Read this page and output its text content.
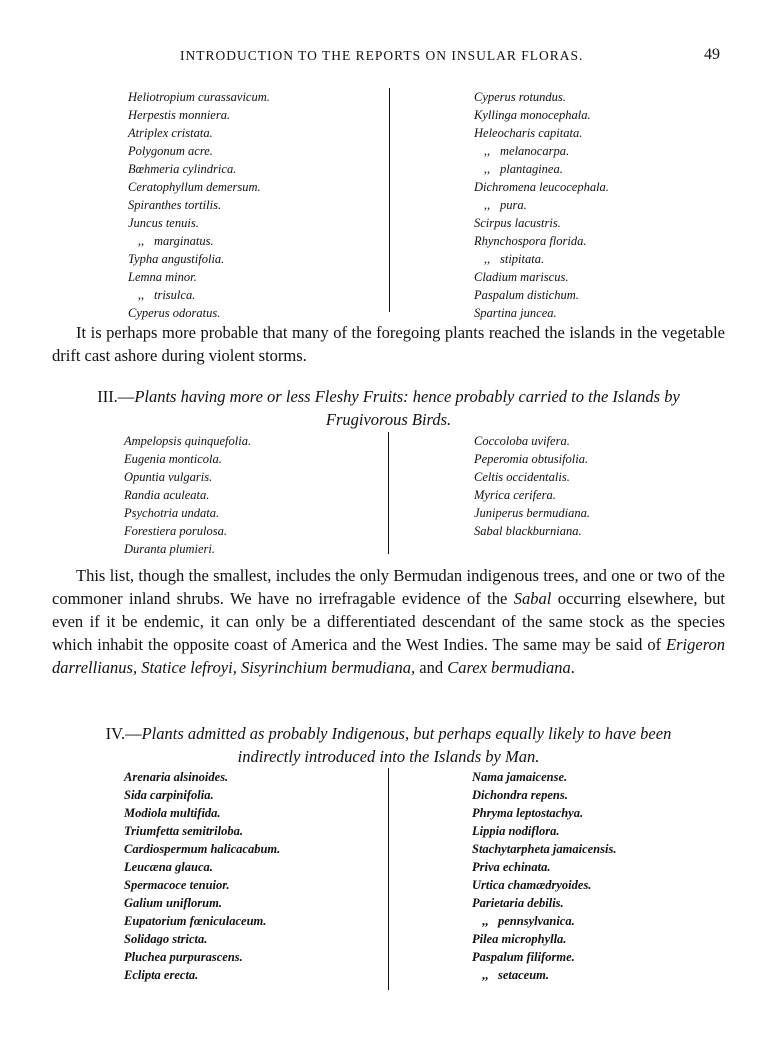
INTRODUCTION TO THE REPORTS ON INSULAR FLORAS.	49
Heliotropium curassavicum.
Herpestis monniera.
Atriplex cristata.
Polygonum acre.
Bœhmeria cylindrica.
Ceratophyllum demersum.
Spiranthes tortilis.
Juncus tenuis.
,, marginatus.
Typha angustifolia.
Lemna minor.
,, trisulca.
Cyperus odoratus.
Cyperus rotundus.
Kyllinga monocephala.
Heleocharis capitata.
,, melanocarpa.
,, plantaginea.
Dichromena leucocephala.
,, pura.
Scirpus lacustris.
Rhynchospora florida.
,, stipitata.
Cladium mariscus.
Paspalum distichum.
Spartina juncea.

It is perhaps more probable that many of the foregoing plants reached the islands in the vegetable drift cast ashore during violent storms.

III.—Plants having more or less Fleshy Fruits: hence probably carried to the Islands by
Frugivorous Birds.
Ampelopsis quinquefolia.
Eugenia monticola.
Opuntia vulgaris.
Randia aculeata.
Psychotria undata.
Forestiera porulosa.
Duranta plumieri.
Coccoloba uvifera.
Peperomia obtusifolia.
Celtis occidentalis.
Myrica cerifera.
Juniperus bermudiana.
Sabal blackburniana.

This list, though the smallest, includes the only Bermudan indigenous trees, and one or two of the commoner inland shrubs. We have no irrefragable evidence of the Sabal occurring elsewhere, but even if it be endemic, it can only be a differentiated descendant of the same stock as the species which inhabit the opposite coast of America and the West Indies. The same may be said of Erigeron darrellianus, Statice lefroyi, Sisyrinchium bermudiana, and Carex bermudiana.

IV.—Plants admitted as probably Indigenous, but perhaps equally likely to have been
indirectly introduced into the Islands by Man.
Arenaria alsinoides.
Sida carpinifolia.
Modiola multifida.
Triumfetta semitriloba.
Cardiospermum halicacabum.
Leucæna glauca.
Spermacoce tenuior.
Galium uniflorum.
Eupatorium fœniculaceum.
Solidago stricta.
Pluchea purpurascens.
Eclipta erecta.
Nama jamaicense.
Dichondra repens.
Phryma leptostachya.
Lippia nodiflora.
Stachytarpheta jamaicensis.
Priva echinata.
Urtica chamædryoides.
Parietaria debilis.
,, pennsylvanica.
Pilea microphylla.
Paspalum filiforme.
,, setaceum.
